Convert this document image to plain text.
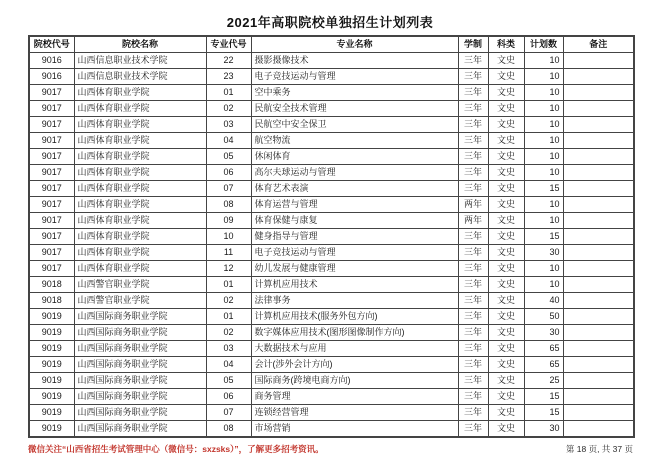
2021年高职院校单独招生计划列表
院校代号	院校名称	专业代号	专业名称	学制	科类	计划数	备注
9016	山西信息职业技术学院	22	摄影摄像技术	三年	文史	10	
9016	山西信息职业技术学院	23	电子竞技运动与管理	三年	文史	10	
9017	山西体育职业学院	01	空中乘务	三年	文史	10	
9017	山西体育职业学院	02	民航安全技术管理	三年	文史	10	
9017	山西体育职业学院	03	民航空中安全保卫	三年	文史	10	
9017	山西体育职业学院	04	航空物流	三年	文史	10	
9017	山西体育职业学院	05	休闲体育	三年	文史	10	
9017	山西体育职业学院	06	高尔夫球运动与管理	三年	文史	10	
9017	山西体育职业学院	07	体育艺术表演	三年	文史	15	
9017	山西体育职业学院	08	体育运营与管理	两年	文史	10	
9017	山西体育职业学院	09	体育保健与康复	两年	文史	10	
9017	山西体育职业学院	10	健身指导与管理	三年	文史	15	
9017	山西体育职业学院	11	电子竞技运动与管理	三年	文史	30	
9017	山西体育职业学院	12	幼儿发展与健康管理	三年	文史	10	
9018	山西警官职业学院	01	计算机应用技术	三年	文史	10	
9018	山西警官职业学院	02	法律事务	三年	文史	40	
9019	山西国际商务职业学院	01	计算机应用技术(服务外包方向)	三年	文史	50	
9019	山西国际商务职业学院	02	数字媒体应用技术(图形图像制作方向)	三年	文史	30	
9019	山西国际商务职业学院	03	大数据技术与应用	三年	文史	65	
9019	山西国际商务职业学院	04	会计(涉外会计方向)	三年	文史	65	
9019	山西国际商务职业学院	05	国际商务(跨境电商方向)	三年	文史	25	
9019	山西国际商务职业学院	06	商务管理	三年	文史	15	
9019	山西国际商务职业学院	07	连锁经营管理	三年	文史	15	
9019	山西国际商务职业学院	08	市场营销	三年	文史	30	
微信关注“山西省招生考试管理中心（微信号：sxzsks）”，了解更多招考资讯。	第 18 页, 共 37 页
